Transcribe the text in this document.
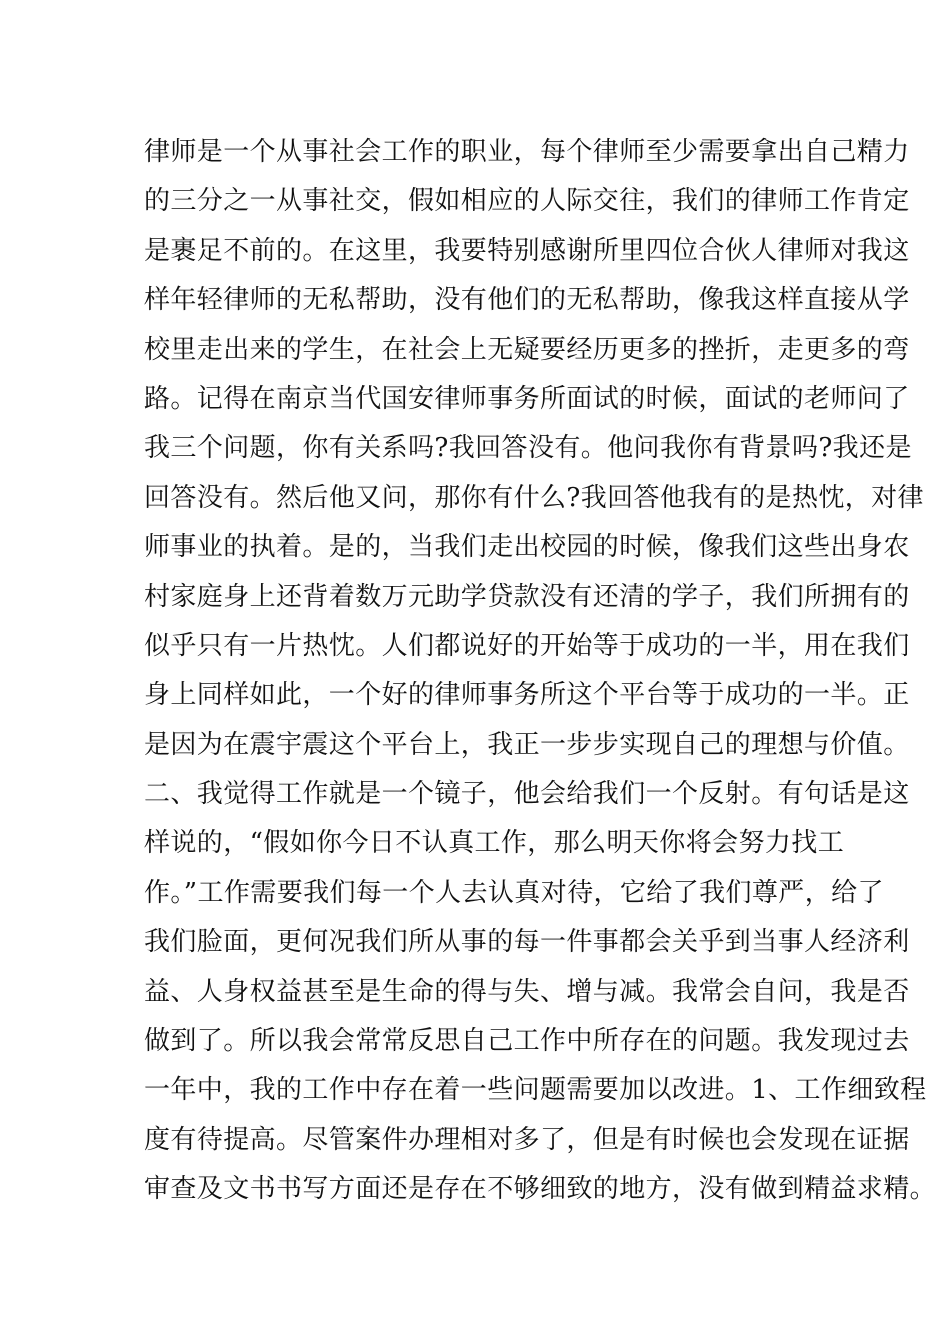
律师是一个从事社会工作的职业，每个律师至少需要拿出自己精力
的三分之一从事社交，假如相应的人际交往，我们的律师工作肯定
是裹足不前的。在这里，我要特别感谢所里四位合伙人律师对我这
样年轻律师的无私帮助，没有他们的无私帮助，像我这样直接从学
校里走出来的学生，在社会上无疑要经历更多的挫折，走更多的弯
路。记得在南京当代国安律师事务所面试的时候，面试的老师问了
我三个问题，你有关系吗?我回答没有。他问我你有背景吗?我还是
回答没有。然后他又问，那你有什么?我回答他我有的是热忱，对律
师事业的执着。是的，当我们走出校园的时候，像我们这些出身农
村家庭身上还背着数万元助学贷款没有还清的学子，我们所拥有的
似乎只有一片热忱。人们都说好的开始等于成功的一半，用在我们
身上同样如此，一个好的律师事务所这个平台等于成功的一半。正
是因为在震宇震这个平台上，我正一步步实现自己的理想与价值。
二、我觉得工作就是一个镜子，他会给我们一个反射。有句话是这
样说的，“假如你今日不认真工作，那么明天你将会努力找工
作。”工作需要我们每一个人去认真对待，它给了我们尊严，给了
我们脸面，更何况我们所从事的每一件事都会关乎到当事人经济利
益、人身权益甚至是生命的得与失、增与减。我常会自问，我是否
做到了。所以我会常常反思自己工作中所存在的问题。我发现过去
一年中，我的工作中存在着一些问题需要加以改进。1、工作细致程
度有待提高。尽管案件办理相对多了，但是有时候也会发现在证据
审查及文书书写方面还是存在不够细致的地方，没有做到精益求精。
